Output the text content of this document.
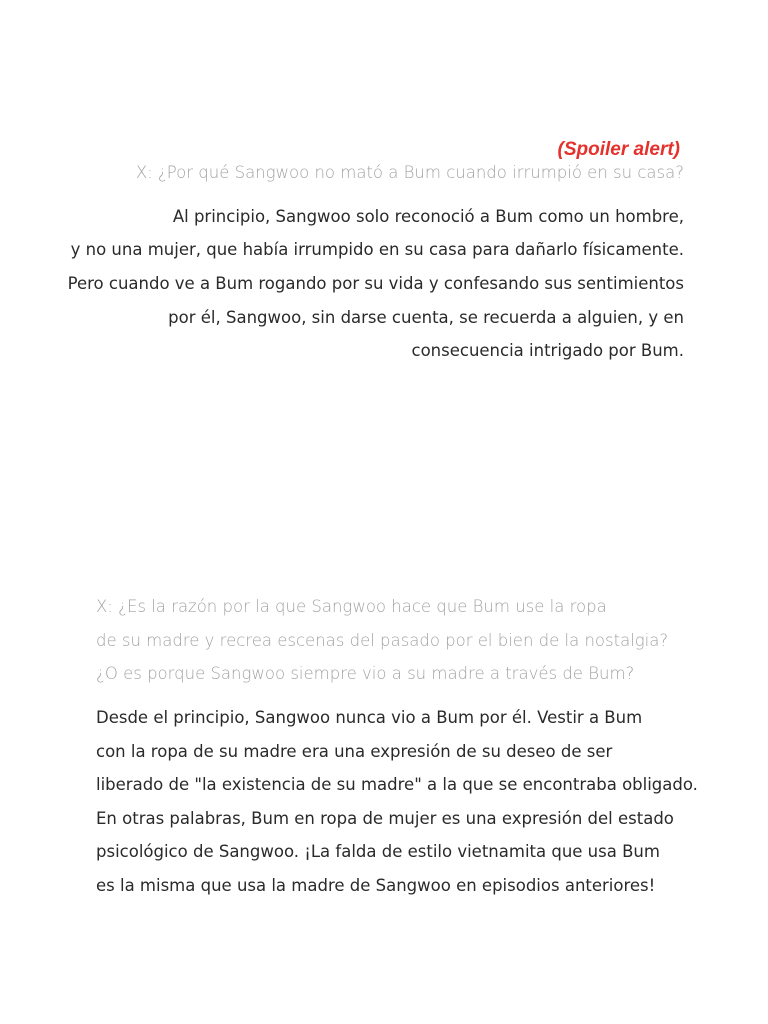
(Spoiler alert)
X: ¿Por qué Sangwoo no mató a Bum cuando irrumpió en su casa?
Al principio, Sangwoo solo reconoció a Bum como un hombre,
y no una mujer, que había irrumpido en su casa para dañarlo físicamente.
Pero cuando ve a Bum rogando por su vida y confesando sus sentimientos
por él, Sangwoo, sin darse cuenta, se recuerda a alguien, y en
consecuencia intrigado por Bum.
X: ¿Es la razón por la que Sangwoo hace que Bum use la ropa
de su madre y recrea escenas del pasado por el bien de la nostalgia?
¿O es porque Sangwoo siempre vio a su madre a través de Bum?
Desde el principio, Sangwoo nunca vio a Bum por él. Vestir a Bum
con la ropa de su madre era una expresión de su deseo de ser
liberado de "la existencia de su madre" a la que se encontraba obligado.
En otras palabras, Bum en ropa de mujer es una expresión del estado
psicológico de Sangwoo. ¡La falda de estilo vietnamita que usa Bum
es la misma que usa la madre de Sangwoo en episodios anteriores!
